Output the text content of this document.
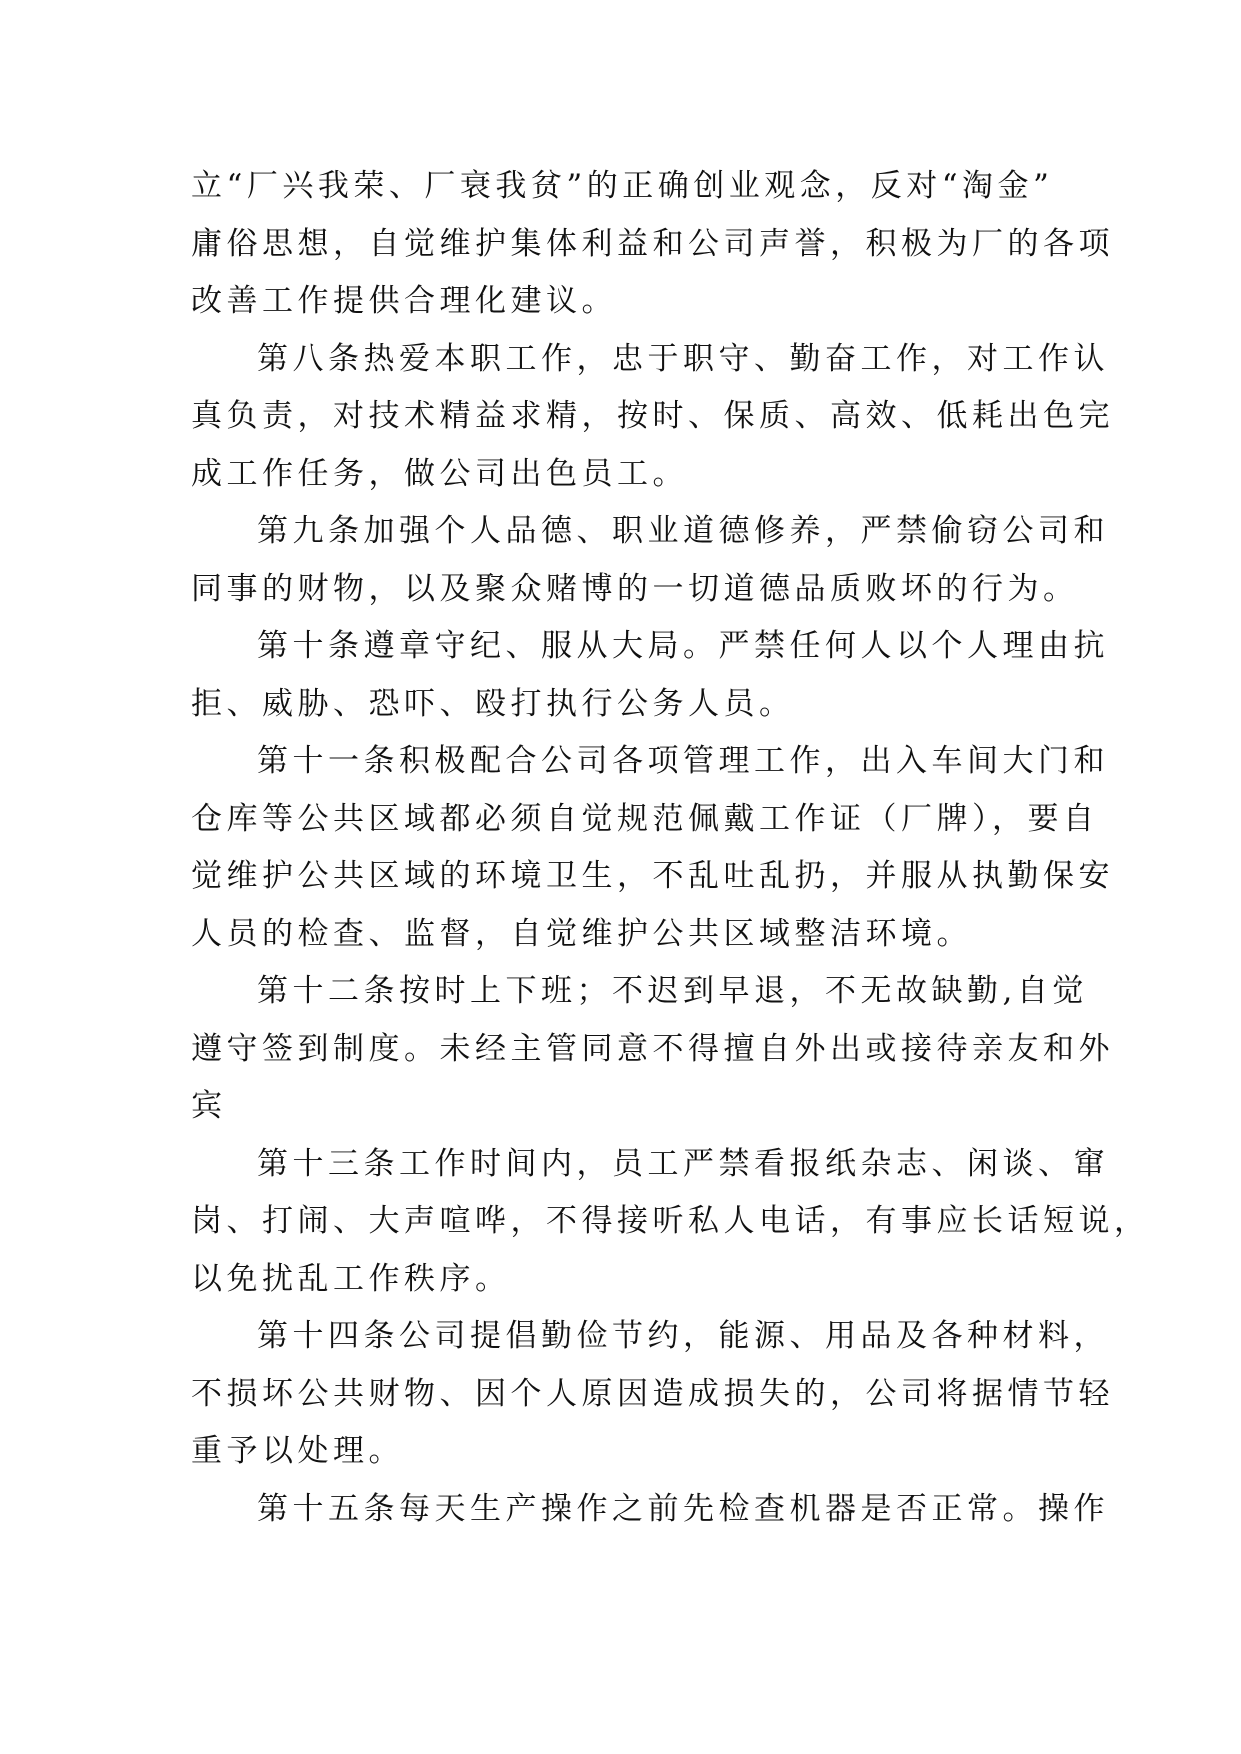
立“厂兴我荣、厂衰我贫”的正确创业观念，反对“淘金”
庸俗思想，自觉维护集体利益和公司声誉，积极为厂的各项
改善工作提供合理化建议。
第八条热爱本职工作，忠于职守、勤奋工作，对工作认
真负责，对技术精益求精，按时、保质、高效、低耗出色完
成工作任务，做公司出色员工。
第九条加强个人品德、职业道德修养，严禁偷窃公司和
同事的财物，以及聚众赌博的一切道德品质败坏的行为。
第十条遵章守纪、服从大局。严禁任何人以个人理由抗
拒、威胁、恐吓、殴打执行公务人员。
第十一条积极配合公司各项管理工作，出入车间大门和
仓库等公共区域都必须自觉规范佩戴工作证（厂牌），要自
觉维护公共区域的环境卫生，不乱吐乱扔，并服从执勤保安
人员的检查、监督，自觉维护公共区域整洁环境。
第十二条按时上下班；不迟到早退，不无故缺勤,自觉
遵守签到制度。未经主管同意不得擅自外出或接待亲友和外
宾
第十三条工作时间内，员工严禁看报纸杂志、闲谈、窜
岗、打闹、大声喧哗，不得接听私人电话，有事应长话短说，
以免扰乱工作秩序。
第十四条公司提倡勤俭节约，能源、用品及各种材料，
不损坏公共财物、因个人原因造成损失的，公司将据情节轻
重予以处理。
第十五条每天生产操作之前先检查机器是否正常。操作
